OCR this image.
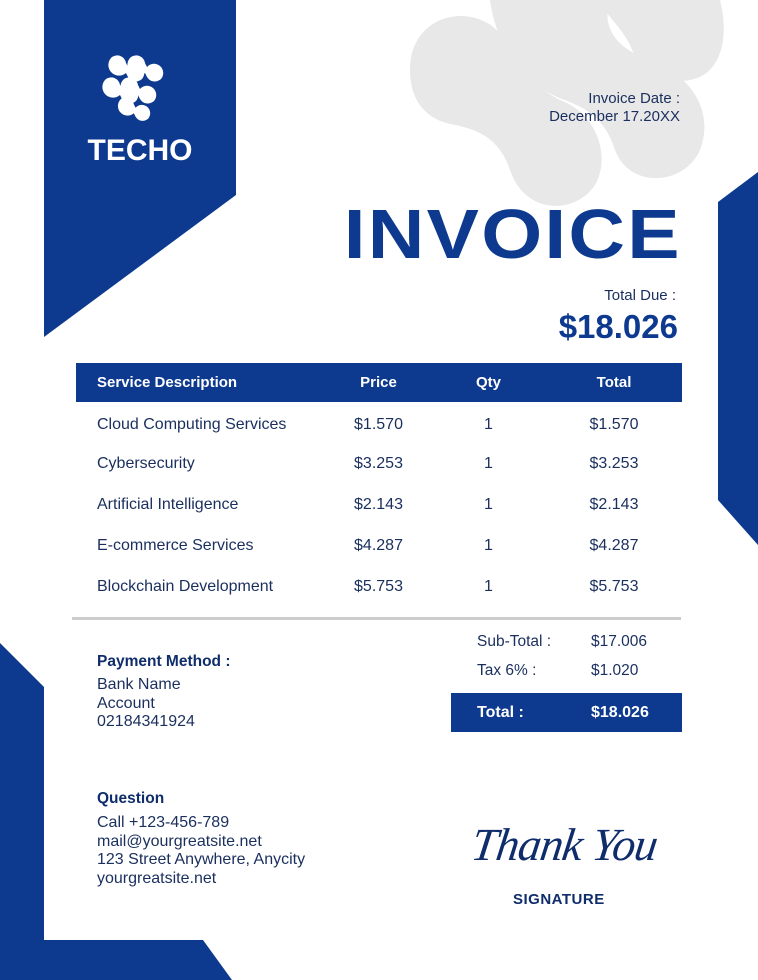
TECHO
Invoice Date :
December 17.20XX
INVOICE
Total Due :
$18.026
Service Description	Price	Qty	Total
Cloud Computing Services	$1.570	1	$1.570
Cybersecurity	$3.253	1	$3.253
Artificial Intelligence	$2.143	1	$2.143
E-commerce Services	$4.287	1	$4.287
Blockchain Development	$5.753	1	$5.753
Sub-Total :	$17.006
Tax 6% :	$1.020
Total :	$18.026
Payment Method :
Bank Name
Account
02184341924
Question
Call +123-456-789
mail@yourgreatsite.net
123 Street Anywhere, Anycity
yourgreatsite.net
Thank You
SIGNATURE
